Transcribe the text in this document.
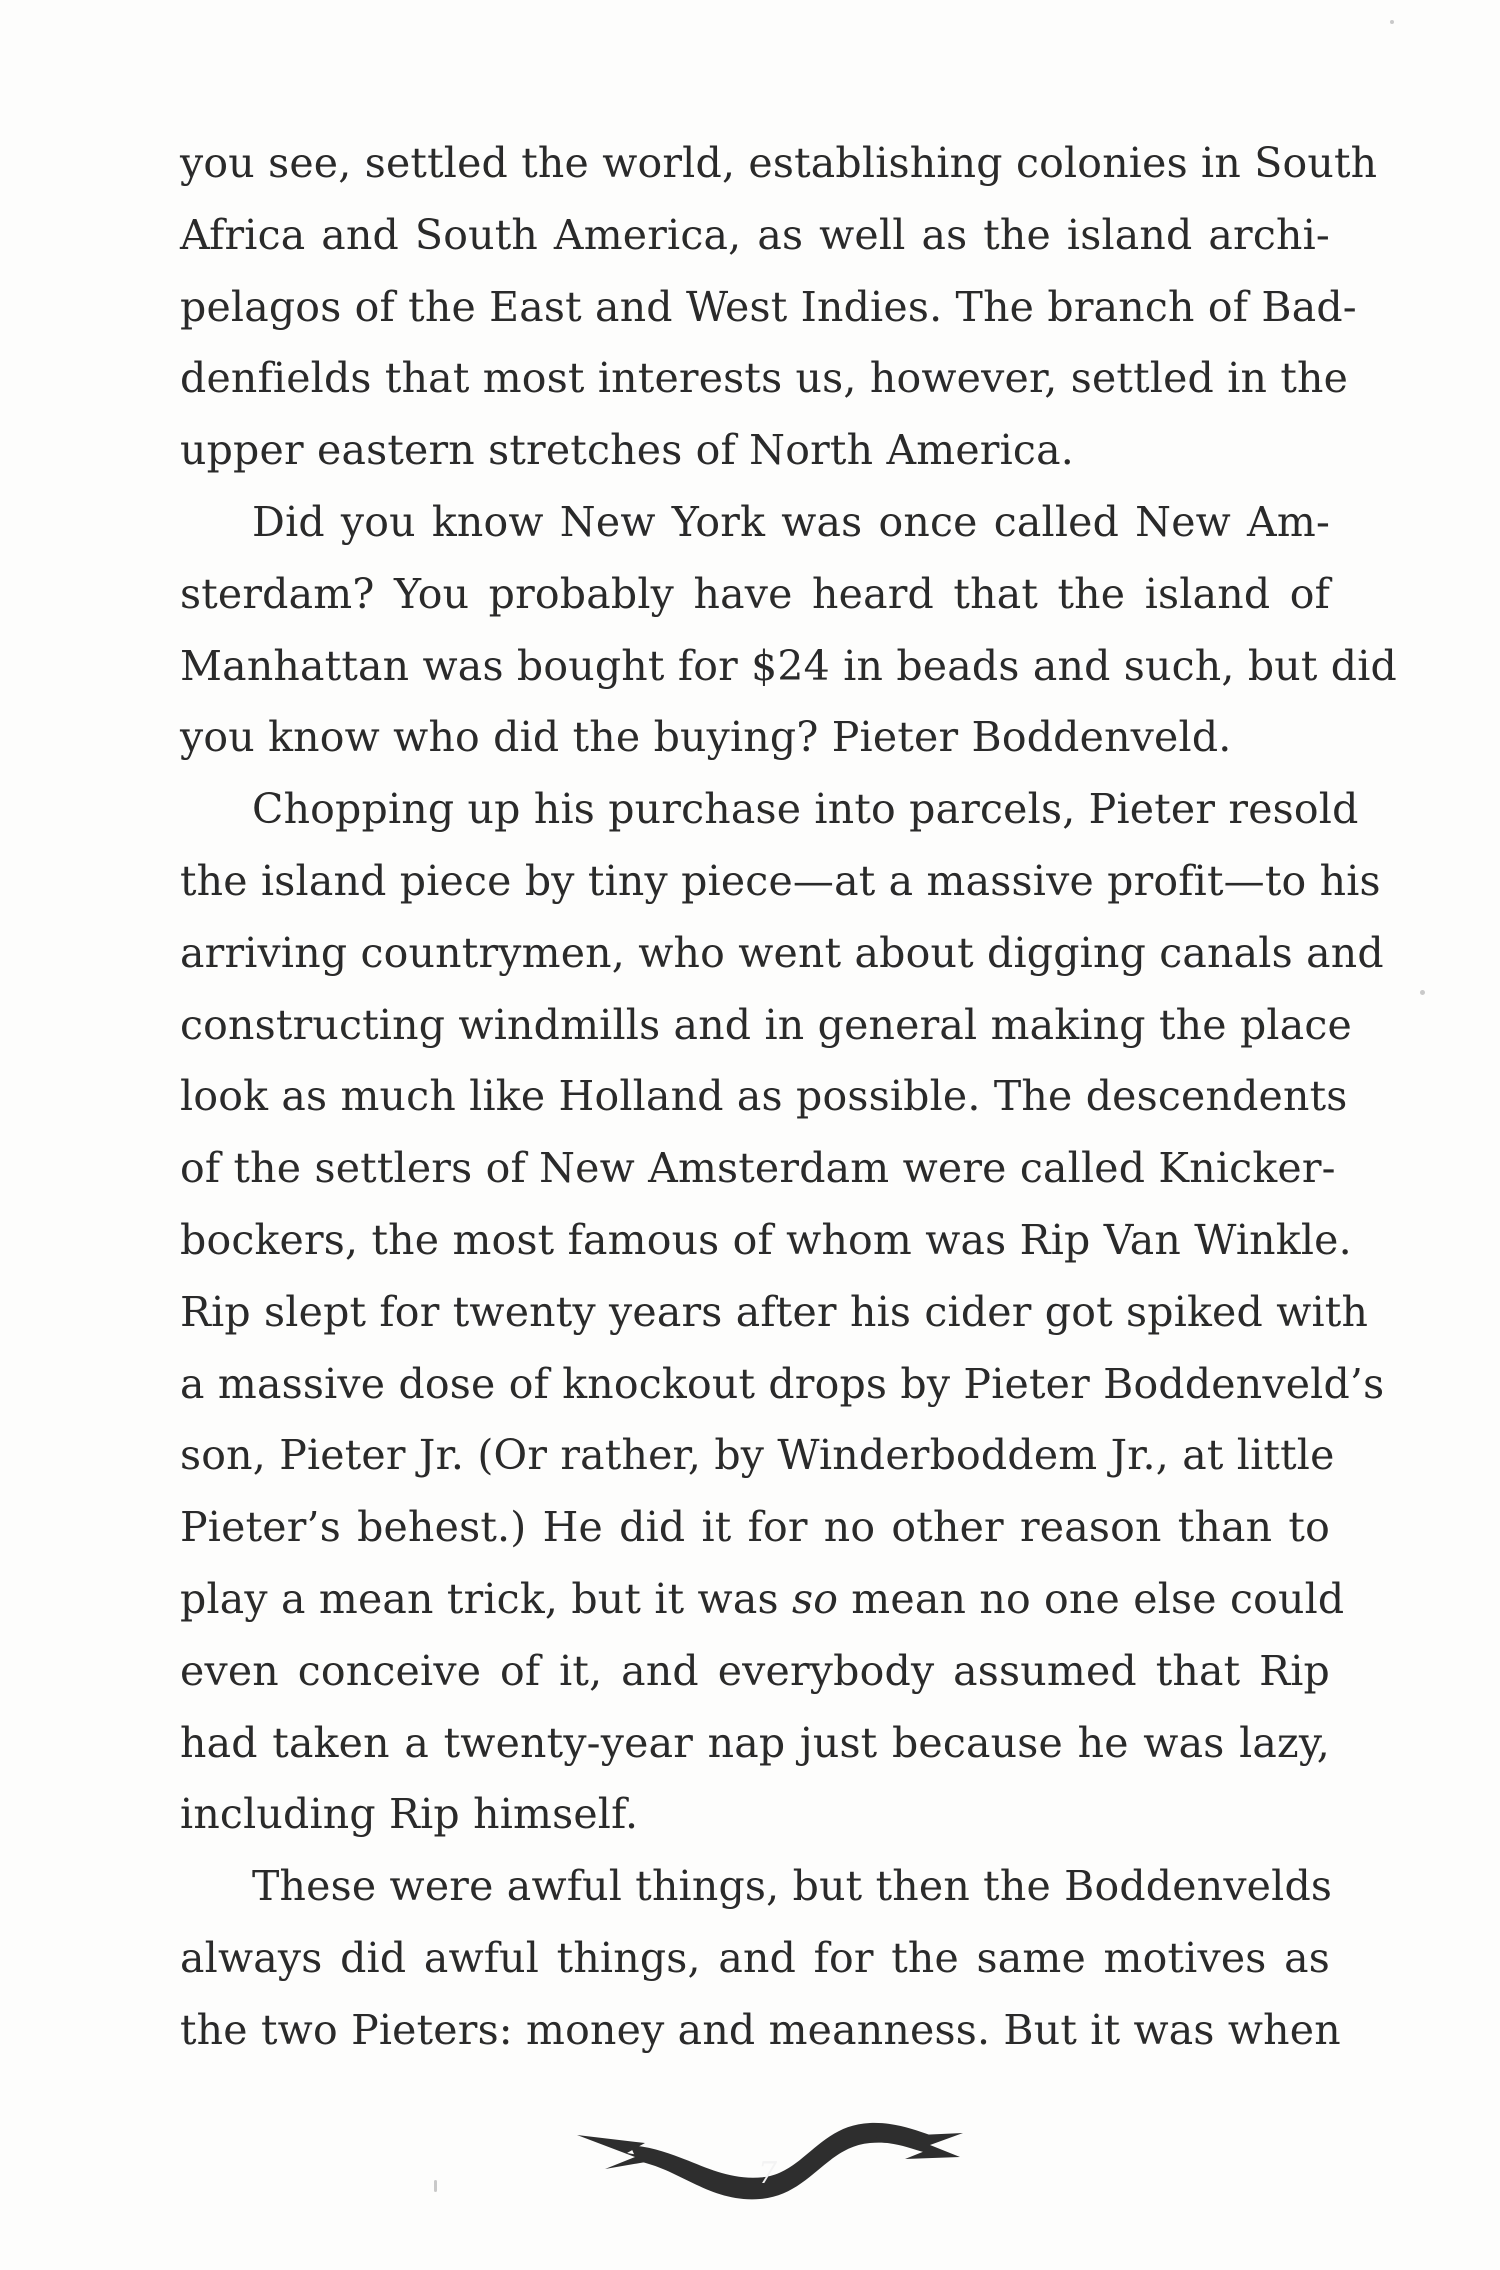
you see, settled the world, establishing colonies in South
Africa and South America, as well as the island archi-
pelagos of the East and West Indies. The branch of Bad-
denfields that most interests us, however, settled in the
upper eastern stretches of North America.

Did you know New York was once called New Am-
sterdam? You probably have heard that the island of
Manhattan was bought for $24 in beads and such, but did
you know who did the buying? Pieter Boddenveld.

Chopping up his purchase into parcels, Pieter resold
the island piece by tiny piece—at a massive profit—to his
arriving countrymen, who went about digging canals and
constructing windmills and in general making the place
look as much like Holland as possible. The descendents
of the settlers of New Amsterdam were called Knicker-
bockers, the most famous of whom was Rip Van Winkle.
Rip slept for twenty years after his cider got spiked with
a massive dose of knockout drops by Pieter Boddenveld’s
son, Pieter Jr. (Or rather, by Winderboddem Jr., at little
Pieter’s behest.) He did it for no other reason than to
play a mean trick, but it was so mean no one else could
even conceive of it, and everybody assumed that Rip
had taken a twenty-year nap just because he was lazy,
including Rip himself.

These were awful things, but then the Boddenvelds
always did awful things, and for the same motives as
the two Pieters: money and meanness. But it was when

7
